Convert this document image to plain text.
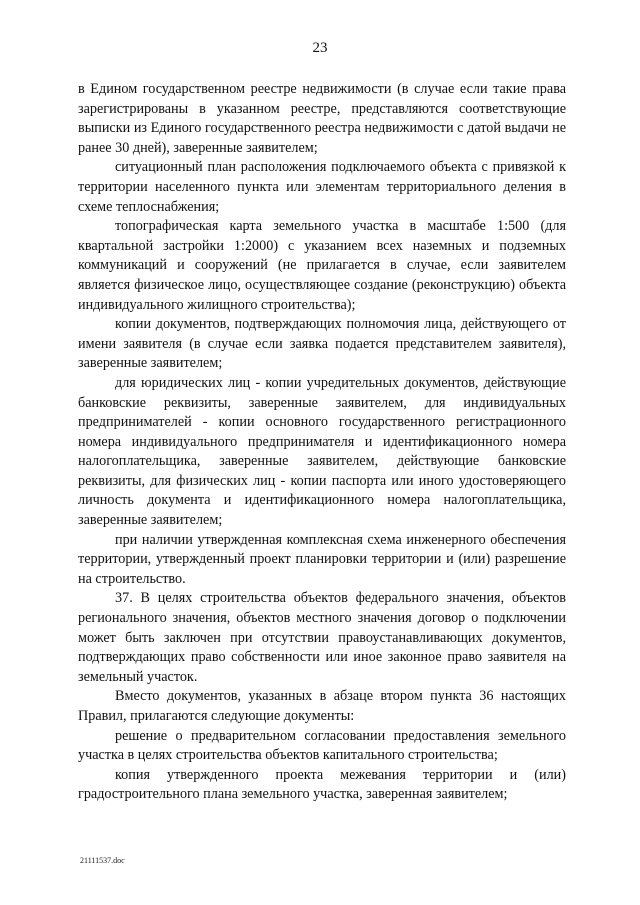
23

в Едином государственном реестре недвижимости (в случае если такие права зарегистрированы в указанном реестре, представляются соответствующие выписки из Единого государственного реестра недвижимости с датой выдачи не ранее 30 дней), заверенные заявителем;

ситуационный план расположения подключаемого объекта с привязкой к территории населенного пункта или элементам территориального деления в схеме теплоснабжения;

топографическая карта земельного участка в масштабе 1:500 (для квартальной застройки 1:2000) с указанием всех наземных и подземных коммуникаций и сооружений (не прилагается в случае, если заявителем является физическое лицо, осуществляющее создание (реконструкцию) объекта индивидуального жилищного строительства);

копии документов, подтверждающих полномочия лица, действующего от имени заявителя (в случае если заявка подается представителем заявителя), заверенные заявителем;

для юридических лиц - копии учредительных документов, действующие банковские реквизиты, заверенные заявителем, для индивидуальных предпринимателей - копии основного государственного регистрационного номера индивидуального предпринимателя и идентификационного номера налогоплательщика, заверенные заявителем, действующие банковские реквизиты, для физических лиц - копии паспорта или иного удостоверяющего личность документа и идентификационного номера налогоплательщика, заверенные заявителем;

при наличии утвержденная комплексная схема инженерного обеспечения территории, утвержденный проект планировки территории и (или) разрешение на строительство.

37. В целях строительства объектов федерального значения, объектов регионального значения, объектов местного значения договор о подключении может быть заключен при отсутствии правоустанавливающих документов, подтверждающих право собственности или иное законное право заявителя на земельный участок.

Вместо документов, указанных в абзаце втором пункта 36 настоящих Правил, прилагаются следующие документы:

решение о предварительном согласовании предоставления земельного участка в целях строительства объектов капитального строительства;

копия утвержденного проекта межевания территории и (или) градостроительного плана земельного участка, заверенная заявителем;

21111537.doc
